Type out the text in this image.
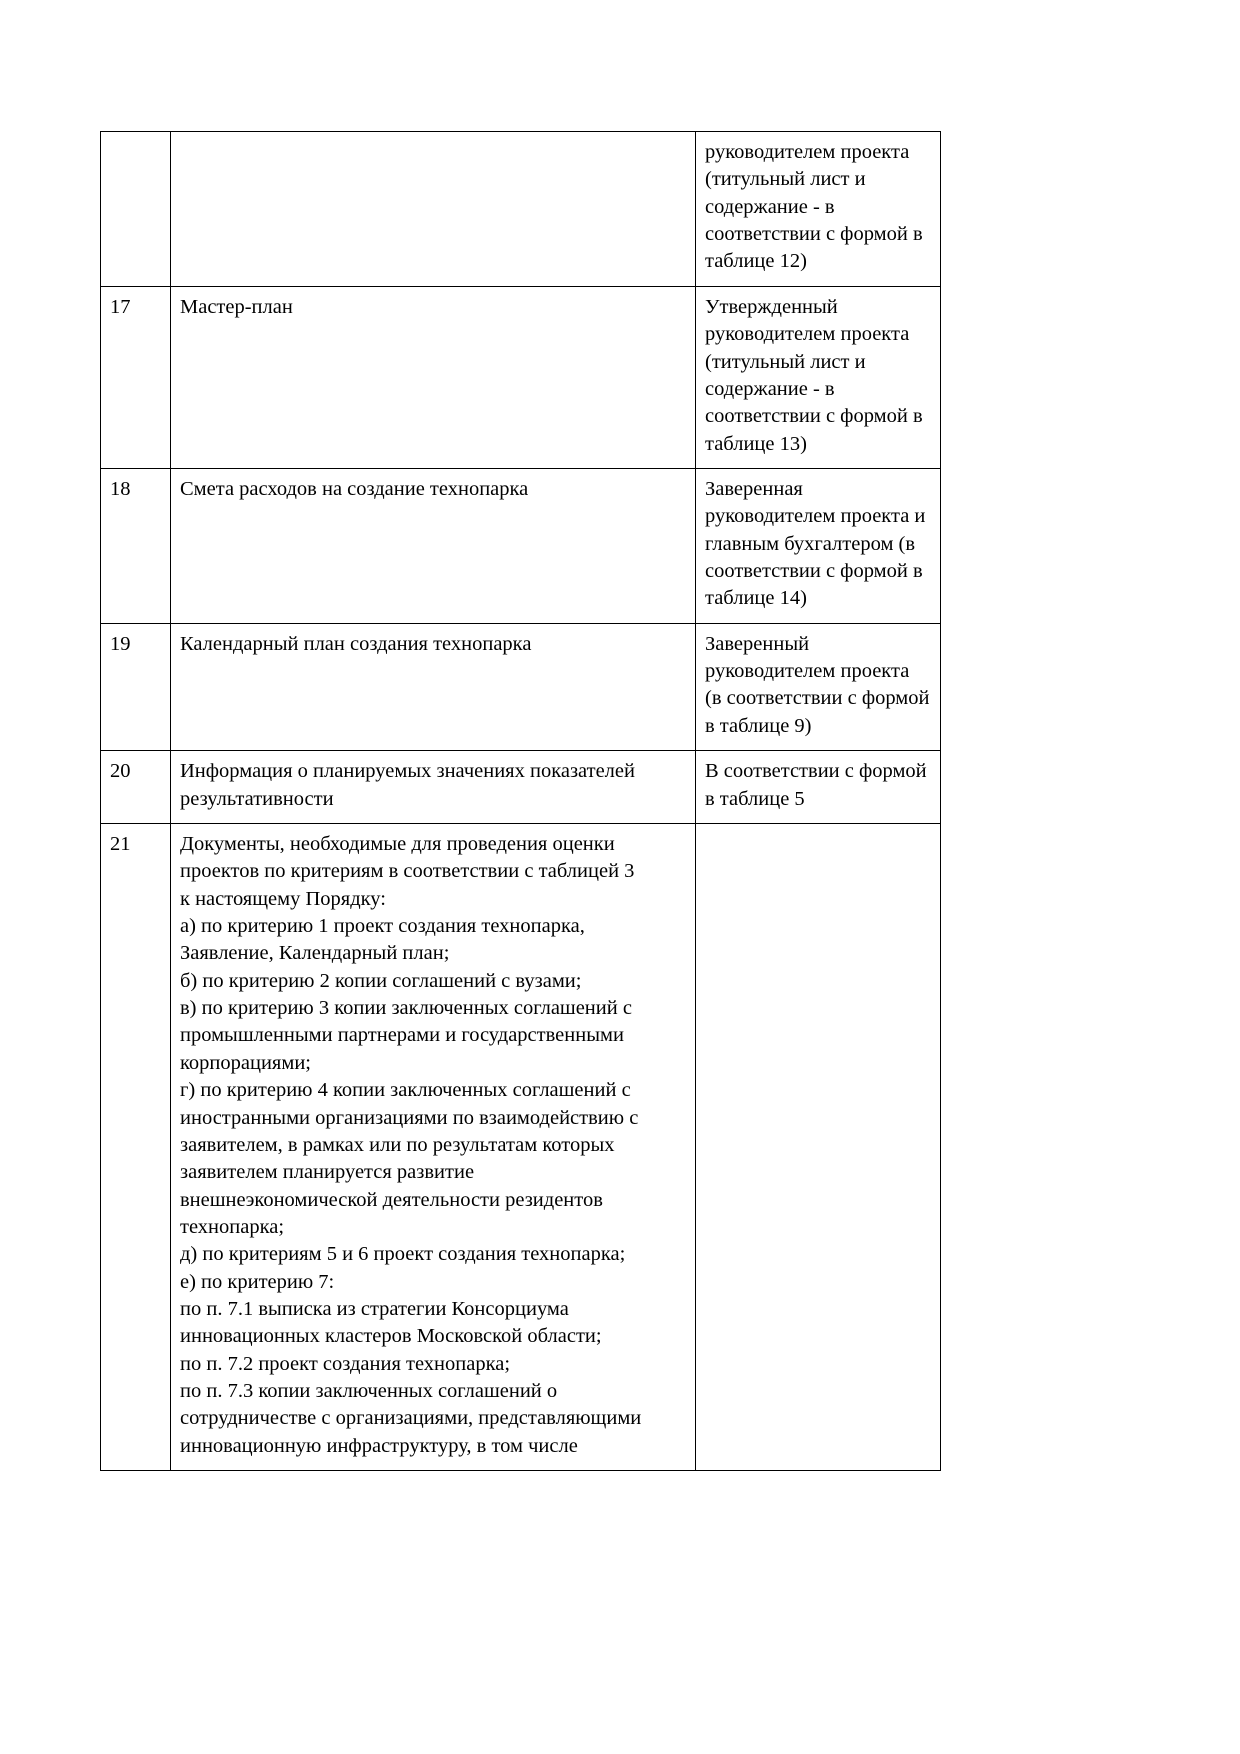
		руководителем проекта
(титульный лист и
содержание - в
соответствии с формой в
таблице 12)

17	Мастер-план	Утвержденный
руководителем проекта
(титульный лист и
содержание - в
соответствии с формой в
таблице 13)

18	Смета расходов на создание технопарка	Заверенная
руководителем проекта и
главным бухгалтером (в
соответствии с формой в
таблице 14)

19	Календарный план создания технопарка	Заверенный
руководителем проекта
(в соответствии с формой
в таблице 9)

20	Информация о планируемых значениях показателей
результативности	В соответствии с формой
в таблице 5

21	Документы, необходимые для проведения оценки
проектов по критериям в соответствии с таблицей 3
к настоящему Порядку:
а) по критерию 1 проект создания технопарка,
Заявление, Календарный план;
б) по критерию 2 копии соглашений с вузами;
в) по критерию 3 копии заключенных соглашений с
промышленными партнерами и государственными
корпорациями;
г) по критерию 4 копии заключенных соглашений с
иностранными организациями по взаимодействию с
заявителем, в рамках или по результатам которых
заявителем планируется развитие
внешнеэкономической деятельности резидентов
технопарка;
д) по критериям 5 и 6 проект создания технопарка;
е) по критерию 7:
по п. 7.1 выписка из стратегии Консорциума
инновационных кластеров Московской области;
по п. 7.2 проект создания технопарка;
по п. 7.3 копии заключенных соглашений о
сотрудничестве с организациями, представляющими
инновационную инфраструктуру, в том числе
